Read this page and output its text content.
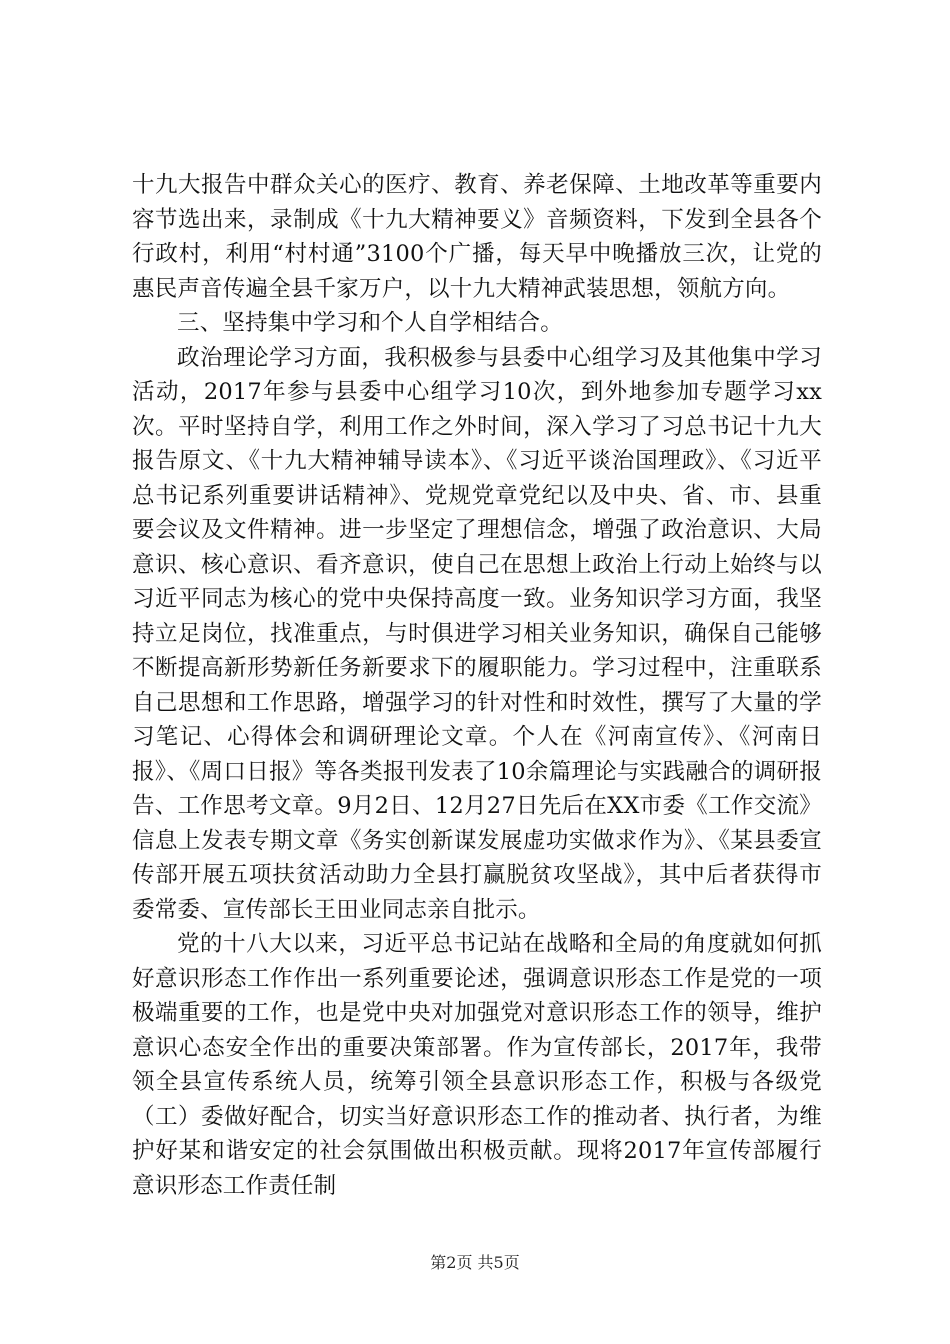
十九大报告中群众关心的医疗、教育、养老保障、土地改革等重要内容节选出来，录制成《十九大精神要义》音频资料，下发到全县各个行政村，利用“村村通”3100个广播，每天早中晚播放三次，让党的惠民声音传遍全县千家万户，以十九大精神武装思想，领航方向。

三、坚持集中学习和个人自学相结合。

政治理论学习方面，我积极参与县委中心组学习及其他集中学习活动，2017年参与县委中心组学习10次，到外地参加专题学习xx次。平时坚持自学，利用工作之外时间，深入学习了习总书记十九大报告原文、《十九大精神辅导读本》、《习近平谈治国理政》、《习近平总书记系列重要讲话精神》、党规党章党纪以及中央、省、市、县重要会议及文件精神。进一步坚定了理想信念，增强了政治意识、大局意识、核心意识、看齐意识，使自己在思想上政治上行动上始终与以习近平同志为核心的党中央保持高度一致。业务知识学习方面，我坚持立足岗位，找准重点，与时俱进学习相关业务知识，确保自己能够不断提高新形势新任务新要求下的履职能力。学习过程中，注重联系自己思想和工作思路，增强学习的针对性和时效性，撰写了大量的学习笔记、心得体会和调研理论文章。个人在《河南宣传》、《河南日报》、《周口日报》等各类报刊发表了10余篇理论与实践融合的调研报告、工作思考文章。9月2日、12月27日先后在XX市委《工作交流》信息上发表专期文章《务实创新谋发展虚功实做求作为》、《某县委宣传部开展五项扶贫活动助力全县打赢脱贫攻坚战》，其中后者获得市委常委、宣传部长王田业同志亲自批示。

党的十八大以来，习近平总书记站在战略和全局的角度就如何抓好意识形态工作作出一系列重要论述，强调意识形态工作是党的一项极端重要的工作，也是党中央对加强党对意识形态工作的领导，维护意识心态安全作出的重要决策部署。作为宣传部长，2017年，我带领全县宣传系统人员，统筹引领全县意识形态工作，积极与各级党（工）委做好配合，切实当好意识形态工作的推动者、执行者，为维护好某和谐安定的社会氛围做出积极贡献。现将2017年宣传部履行意识形态工作责任制

第2页 共5页
